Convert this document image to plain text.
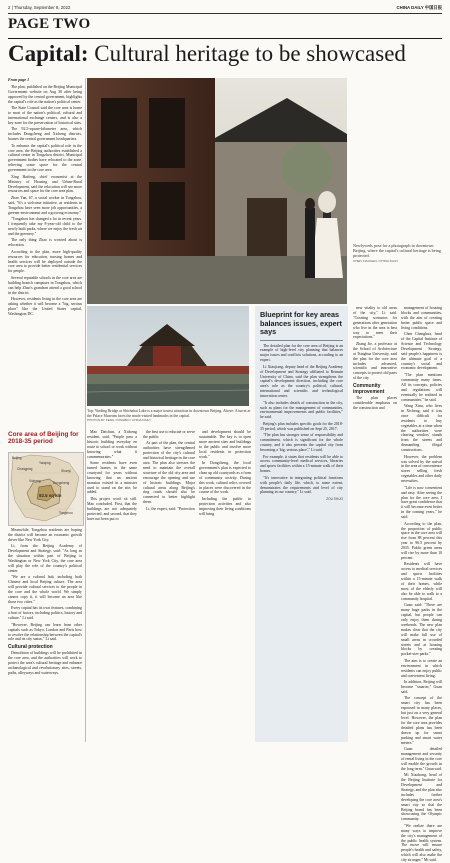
2 | Thursday, September 8, 2022	CHINA DAILY 中国日报
PAGE TWO
Capital: Cultural heritage to be showcased
From page 1

The plan, published on the Beijing Municipal Government website on Aug 30 after being approved by the central government, highlights the capital's role as the nation's political center.

The State Council said the core area is home to most of the nation's political, cultural and international exchange centers, and is also a key zone for the preservation of historical sites.

The 92.5-square-kilometer area, which includes Dongcheng and Xicheng districts, houses the central government headquarters.

To enhance the capital's political role in the core area, the Beijing authorities established a cultural center in Tongzhou district, Municipal government bodies have relocated to the zone, relieving some space for the central government in the core area.

Xing Haifeng, chief economist at the Ministry of Housing and Urban-Rural Development, said the relocation will see more resources and space for the core area plan.

Zhao Yan, 67, a social worker in Tongzhou, said, "It's a welcome initiative, as residents in Tongzhou have seen more job opportunities, a greener environment and a growing economy."

"Tongzhou has changed a lot in recent years. I frequently take my 8-year-old child to the newly built parks, where we enjoy the fresh air and the greenery."

The only thing Zhao is worried about is relocation.

According to the plan, more high-quality resources for education, nursing homes and health services will be deployed outside the core area to provide better residential services for people.

Several reputable schools in the core area are building branch campuses in Tongzhou, which can help Zhao's grandson attend a good school in the district.

However, residents living in the core area are asking whether it will become a "big, serious place" like the United States capital, Washington DC.

Core area of Beijing for 2018-35 period
Beijing
Xicheng	Dongcheng
Yanqing
Changping	Shunyi
Tongzhou
92.5 sq km

Meanwhile, Tongzhou residents are hoping the district will become an economic growth driver like New York City.

Li, from the Beijing Academy of Development and Strategy, said: "As long as the situation within part of Beijing is Washington or New York City, the core area will play the role of the country's political center.

"We are a cultural hub, including both Chinese and local Beijing culture. The area will provide cultural services to the people in the core and the whole world. We simply cannot copy it, it will become an area like those two cities."

Every capital has its own features, combining a host of factors, including politics, history and culture," Li said.

"However, Beijing can learn from other capitals such as Tokyo, London and Paris how to resolve the relationship between the capital's role and its city status," Li said.

Cultural protection

Demolition of buildings will be prohibited in the core area, and the authorities will work to protect the area's cultural heritage and enhance archaeological and revolutionary sites, streets, paths, alleyways and waterways.

Newlyweds pose for a photograph in downtown Beijing, where the capital's cultural heritage is being protected.
CHEN XIAOGEN / CHINA DAILY
Top: Yinding Bridge at Shichahai Lake is a major tourist attraction in downtown Beijing. Above: A turret at the Palace Museum faces the much-visited landmarks in the capital.
PHOTOS BY FENG YONGBIN / CHINA DAILY

Mao Daichun, a Xicheng resident, said, "People pass a historic building everyday en route to school or work without knowing what it commemorates."

Some residents have even turned homes in the same courtyard for years without knowing that an ancient mansion existed in a minister used to stand on the site, he added.

This project won't sit still. Mao concluded. First, that the buildings are not adequately protected, and second, that they have not been put to

the best use to educate or serve the public.

As part of the plan, the central authorities have strengthened protection of the city's cultural and historical heritage in the core area. The plan also stresses the need to maintain the overall structure of the old city area and encourage the opening and use of historic buildings. Major cultural areas along Beijing's ring roads should also be connected to better highlight them.

Li, the expert, said: "Protection

and development should be sustainable. The key is to open more ancient sites and buildings to the public and involve more local residents in protection work."

In Dongcheng, the local government's plan is expected to clean up old courtyards as a form of community activity. During this work, cultural relics covered in places were discovered in the course of the work.

Including the public in protection activities and also improving their living conditions will bring

Blueprint for key areas balances issues, expert says

The detailed plan for the core area of Beijing is an example of high-level city planning that balances major issues and conflicts solutions, according to an expert.

Li Xiaojiang, deputy head of the Beijing Academy of Development and Strategy affiliated to Renmin University of China, said the plan strengthens the capital's development direction, including the core area's role as the country's political, cultural, international and scientific and technological innovation center.

"It also includes details of construction in the city, such as plans for the management of communities, environmental improvements and public facilities," he said.

Beijing's plan includes specific goals for the 2018-35 period, which was published on Sept 25, 2017.

"The plan has stronger sense of responsibility and commitment, which is significant for the whole country, and it also prevents the capital city from becoming a 'big, serious place'," Li said.

For example, it states that residents will be able to access community-level medical services, libraries and sports facilities within a 15-minute walk of their homes.

"It's innovative in integrating political functions with people's daily life, which, to some extent, demonstrates the requirements and level of city planning in our country," Li said.

ZOU SHUO

new vitality to old areas of the city," Li said. "Creating scenarios for generations after generation who live in the area is best way to meet their expectations."

Zhang Jie, a professor at the School of Architecture at Tsinghua University, said the plan for the core area includes advanced, scientific and innovative concepts to protect old parts of the city.

Community improvement

The plan places considerable emphasis on the construction and

management of housing blocks and communities, with the aim of creating better public space and living conditions.

Chen Chenghua, head of the Capital Institute of Science and Technology Development Strategy, said people's happiness is the ultimate goal of a country's social and economic development.

"The plan mentions community many times. All its concepts, policies and regulations will eventually be realized in communities," he said.

Wang Xinu, who lives in Xicheng, said it was once difficult for residents to buy vegetables at a time when the authorities were clearing vendors' stands from the streets and dismantling illegal constructions.

However, the problem was solved by the arrival in the area of convenience stores selling fresh vegetables and other daily necessities.

"Life is now convenient and easy. After seeing the plan for the core area, I have great confidence that it will become even better in the coming years," he said.

According to the plan, the proportion of public space in the core area will rise from 88 percent this year to 96.5 percent by 2035. Public green areas will rise by more than 10 percent.

Residents will have access to medical services and sports facilities within a 15-minute walk of their homes, while most of the elderly will also be able to walk to a community hospital.

Guan said: "There are many huge parks in the capital, but people can only enjoy them during weekends. The new plan makes clear that the city will make full use of small areas in crowded streets and at housing blocks by creating pocket-size parks."

The aim is to create an environment in which residents can enjoy public and convenient living.

In addition, Beijing will become "smarter," Guan said.

The concept of the smart city has been espoused in many places, but just on a very general level. However, the plan for the core area provides detailed plans has been drawn up for smart parking and smart water meters."

Guan detailed management and security of rental living in the core will enable the growth in the long term," Guan said.

Mi Xiaohong, head of the Beijing Institute for Development and Strategy, and the plan also includes further developing the core area's smart city so that the Beijing brand has been showcasing the Olympic community.

"We realize there are many ways to improve the city's management of the public health system. The move will ensure people's health and safety, which will also make the city stronger," Mi said.
